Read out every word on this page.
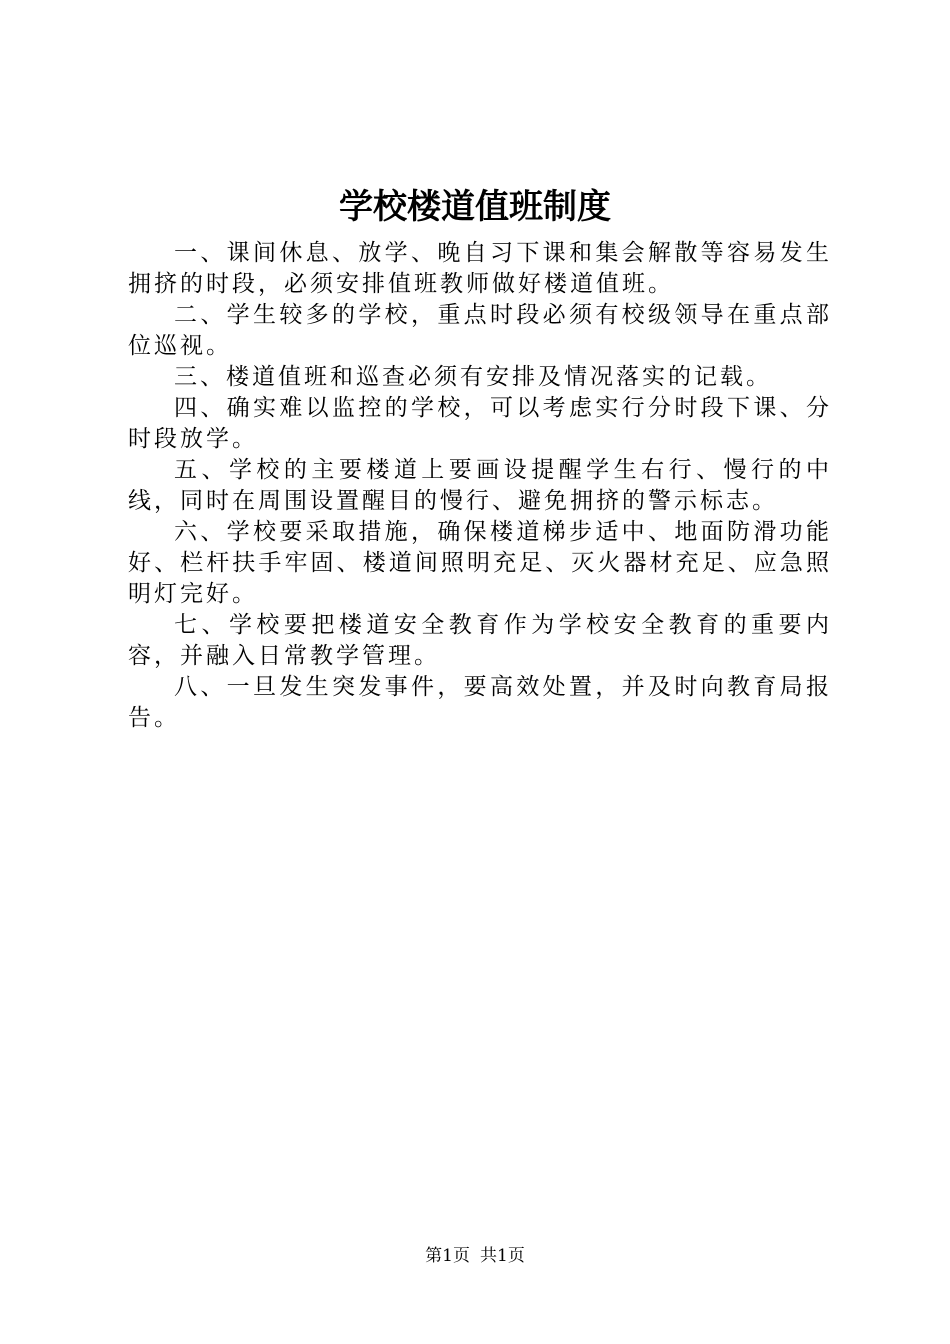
学校楼道值班制度

一、课间休息、放学、晚自习下课和集会解散等容易发生拥挤的时段，必须安排值班教师做好楼道值班。

二、学生较多的学校，重点时段必须有校级领导在重点部位巡视。

三、楼道值班和巡查必须有安排及情况落实的记载。

四、确实难以监控的学校，可以考虑实行分时段下课、分时段放学。

五、学校的主要楼道上要画设提醒学生右行、慢行的中线，同时在周围设置醒目的慢行、避免拥挤的警示标志。

六、学校要采取措施，确保楼道梯步适中、地面防滑功能好、栏杆扶手牢固、楼道间照明充足、灭火器材充足、应急照明灯完好。

七、学校要把楼道安全教育作为学校安全教育的重要内容，并融入日常教学管理。

八、一旦发生突发事件，要高效处置，并及时向教育局报告。

第1页 共1页
